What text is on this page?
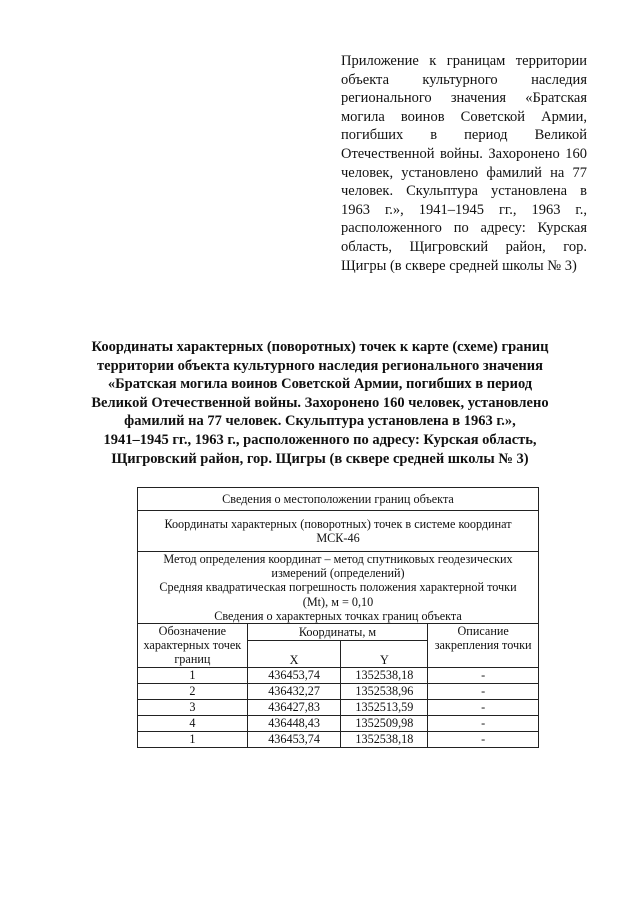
Приложение к границам территории объекта культурного наследия регионального значения «Братская могила воинов Советской Армии, погибших в период Великой Отечественной войны. Захоронено 160 человек, установлено фамилий на 77 человек. Скульптура установлена в 1963 г.», 1941–1945 гг., 1963 г., расположенного по адресу: Курская область, Щигровский район, гор. Щигры (в сквере средней школы № 3)
Координаты характерных (поворотных) точек к карте (схеме) границ
территории объекта культурного наследия регионального значения
«Братская могила воинов Советской Армии, погибших в период
Великой Отечественной войны. Захоронено 160 человек, установлено
фамилий на 77 человек. Скульптура установлена в 1963 г.»,
1941–1945 гг., 1963 г., расположенного по адресу: Курская область,
Щигровский район, гор. Щигры (в сквере средней школы № 3)
Сведения о местоположении границ объекта			

Координаты характерных (поворотных) точек в системе координат
МСК-46			

Метод определения координат – метод спутниковых геодезических
измерений (определений)
Средняя квадратическая погрешность положения характерной точки
(Mt), м = 0,10
Сведения о характерных точках границ объекта			

Обозначение характерных точек границ	Координаты, м		Описание закрепления точки
	X	Y	
1	436453,74	1352538,18	-
2	436432,27	1352538,96	-
3	436427,83	1352513,59	-
4	436448,43	1352509,98	-
1	436453,74	1352538,18	-
